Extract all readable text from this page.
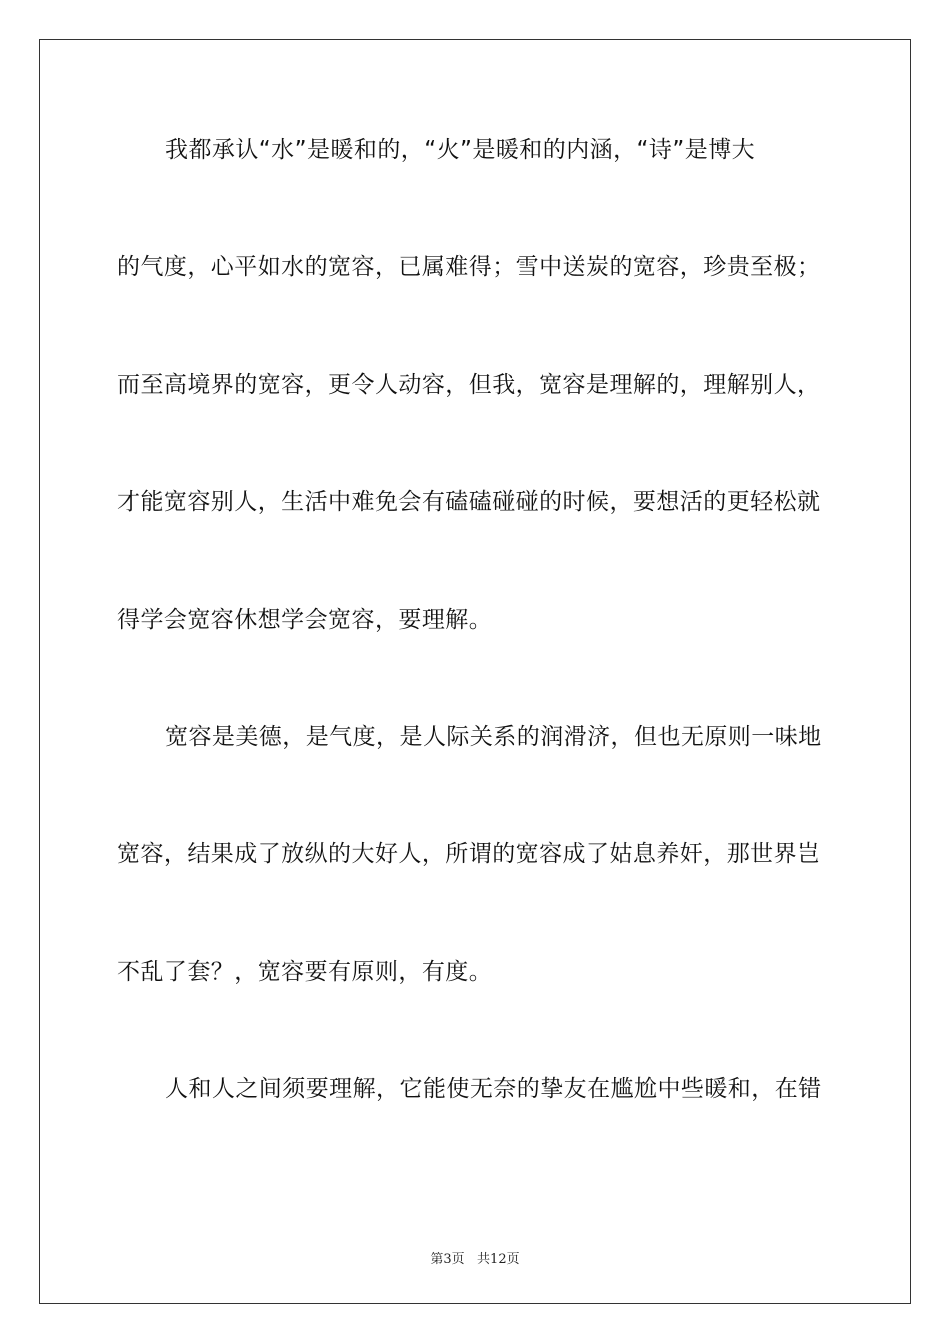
我都承认“水”是暖和的，“火”是暖和的内涵，“诗”是博大
的气度，心平如水的宽容，已属难得；雪中送炭的宽容，珍贵至极；
而至高境界的宽容，更令人动容，但我，宽容是理解的，理解别人，
才能宽容别人，生活中难免会有磕磕碰碰的时候，要想活的更轻松就
得学会宽容休想学会宽容，要理解。
宽容是美德，是气度，是人际关系的润滑济，但也无原则一味地
宽容，结果成了放纵的大好人，所谓的宽容成了姑息养奸，那世界岂
不乱了套？，宽容要有原则，有度。
人和人之间须要理解，它能使无奈的挚友在尴尬中些暖和，在错
第3页   共12页
